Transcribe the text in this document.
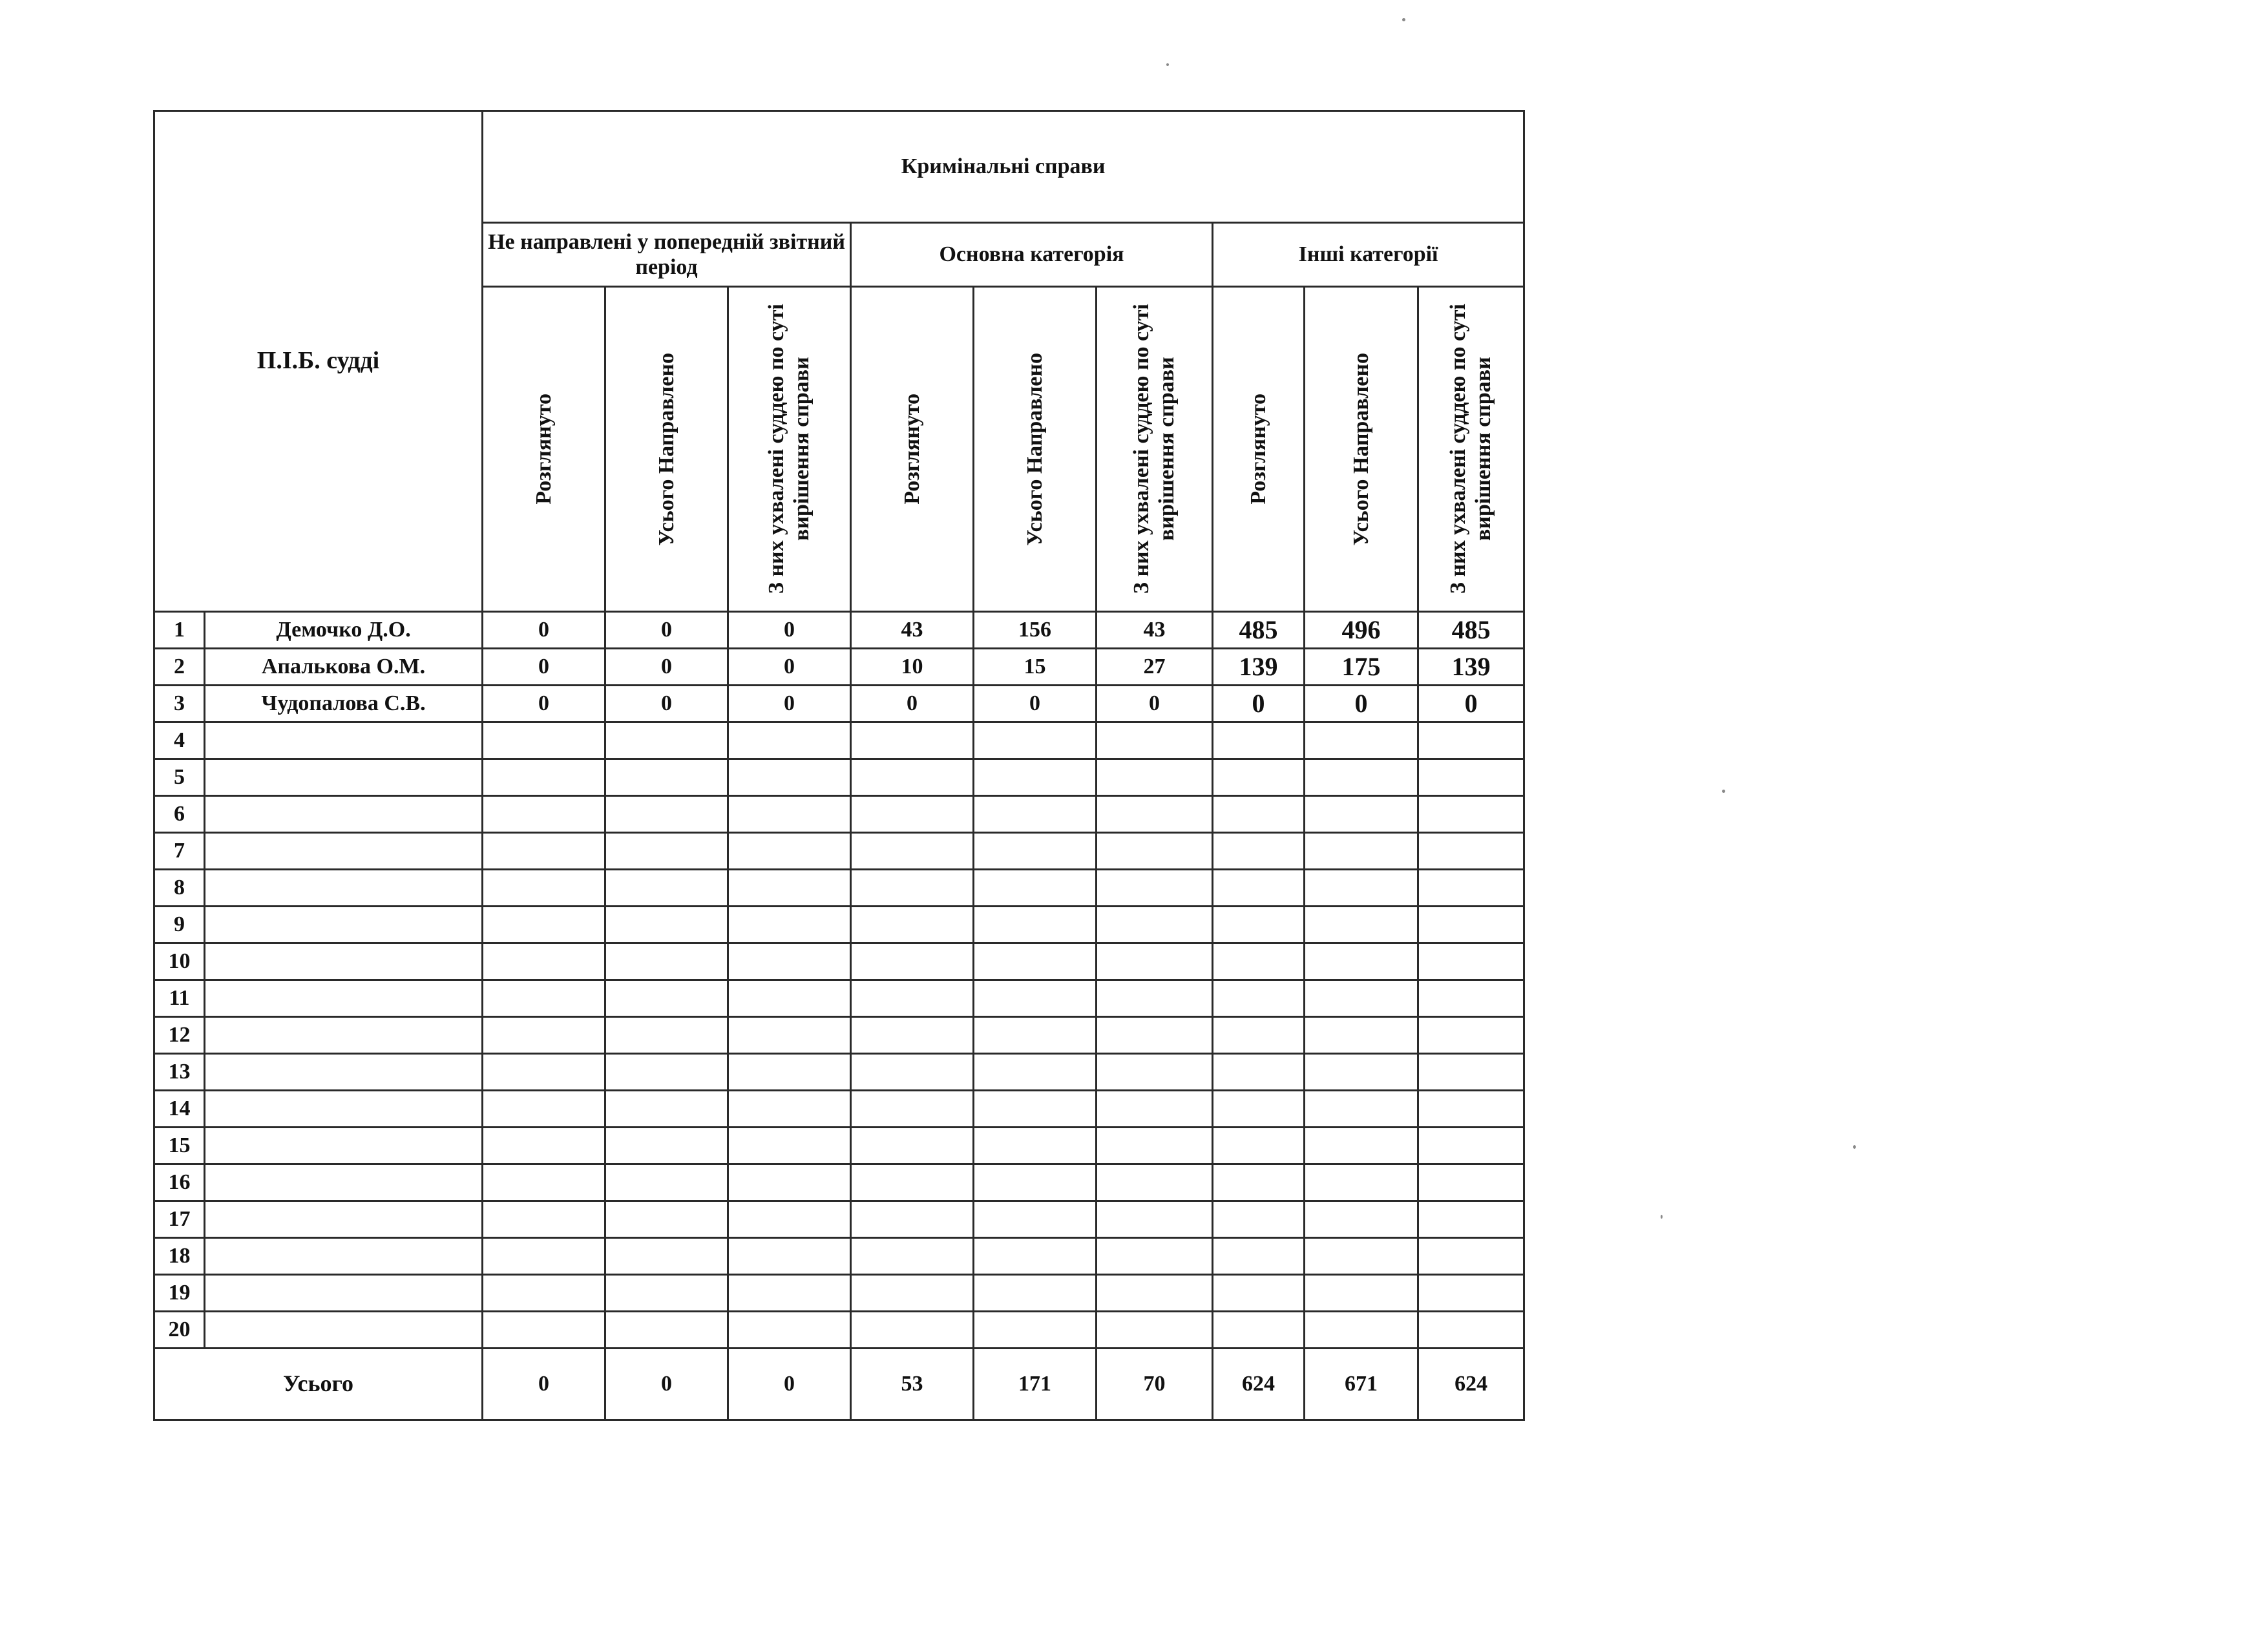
П.І.Б. судді		Кримінальні справи								
		Не направлені у попередній звітний період			Основна категорія			Інші категорії		

		Розглянуто	Усього Направлено	З них ухвалені суддею по суті вирішення справи	Розглянуто	Усього Направлено	З них ухвалені суддею по суті вирішення справи	Розглянуто	Усього Направлено	З них ухвалені суддею по суті вирішення справи

1	Демочко Д.О.	0	0	0	43	156	43	485	496	485
2	Апалькова О.М.	0	0	0	10	15	27	139	175	139
3	Чудопалова С.В.	0	0	0	0	0	0	0	0	0
4										
5										
6										
7										
8										
9										
10										
11										
12										
13										
14										
15										
16										
17										
18										
19										
20										
Усього		0	0	0	53	171	70	624	671	624
